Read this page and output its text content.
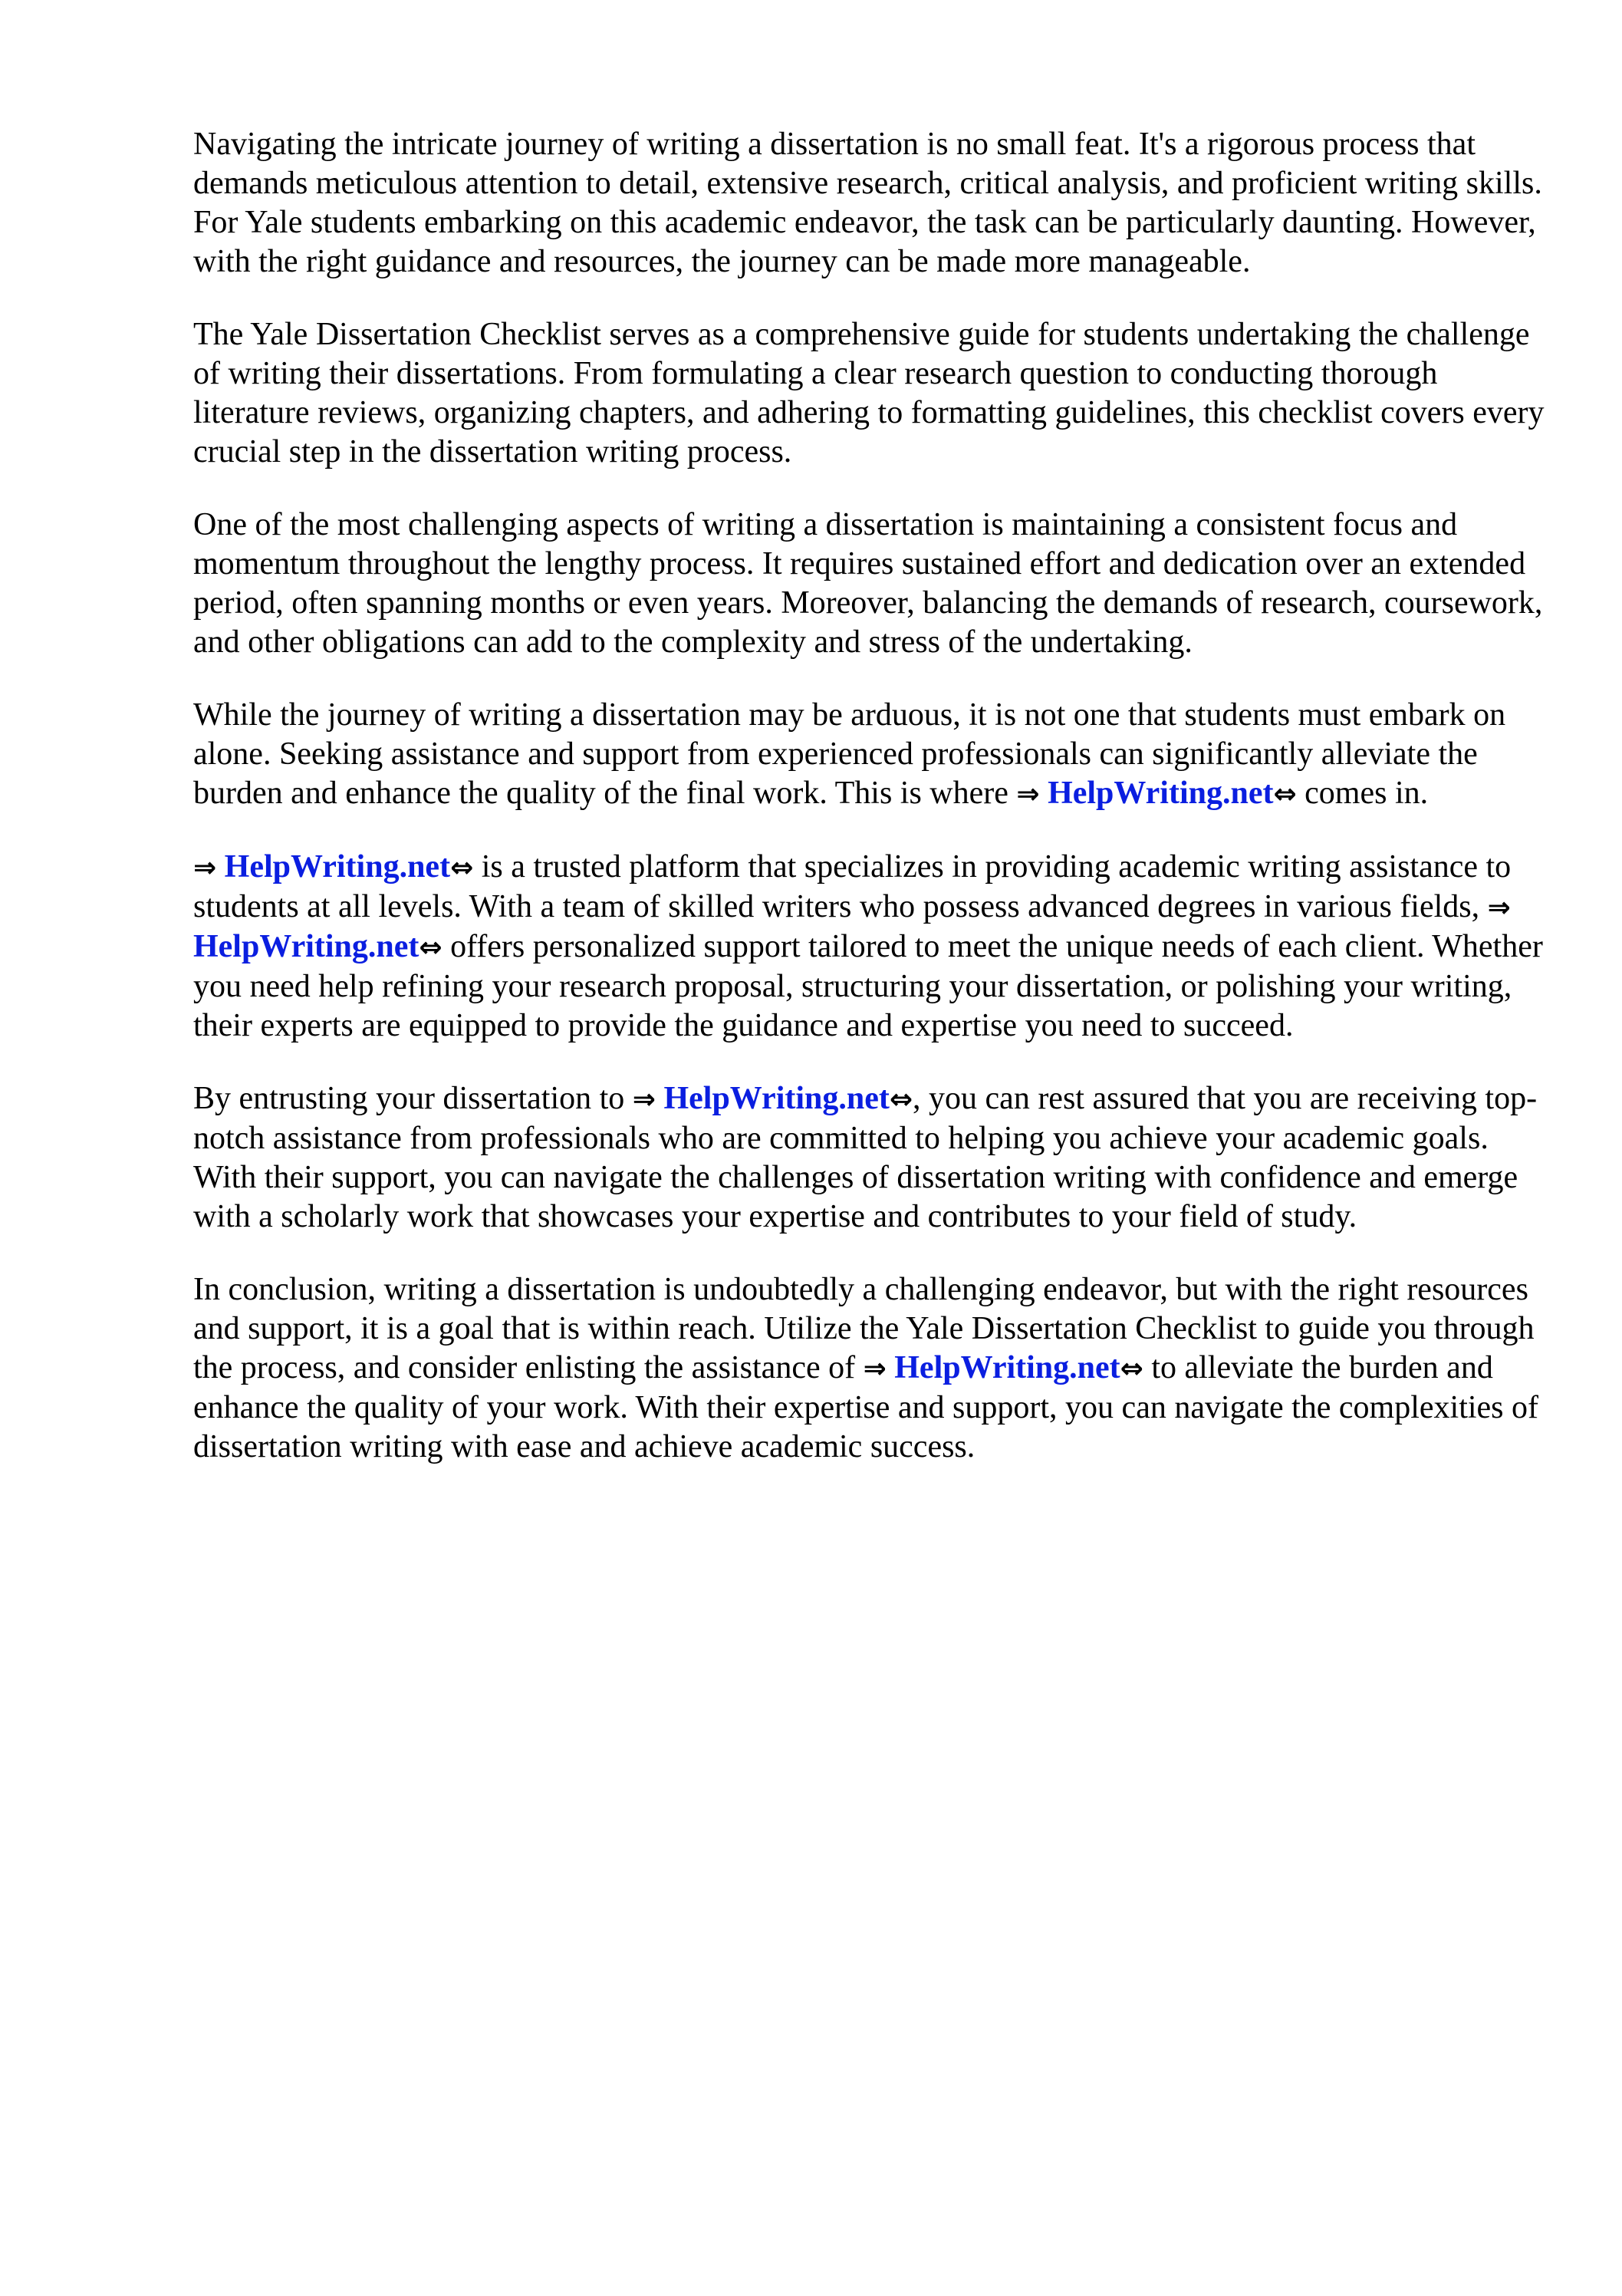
Navigating the intricate journey of writing a dissertation is no small feat. It's a rigorous process that demands meticulous attention to detail, extensive research, critical analysis, and proficient writing skills. For Yale students embarking on this academic endeavor, the task can be particularly daunting. However, with the right guidance and resources, the journey can be made more manageable.

The Yale Dissertation Checklist serves as a comprehensive guide for students undertaking the challenge of writing their dissertations. From formulating a clear research question to conducting thorough literature reviews, organizing chapters, and adhering to formatting guidelines, this checklist covers every crucial step in the dissertation writing process.

One of the most challenging aspects of writing a dissertation is maintaining a consistent focus and momentum throughout the lengthy process. It requires sustained effort and dedication over an extended period, often spanning months or even years. Moreover, balancing the demands of research, coursework, and other obligations can add to the complexity and stress of the undertaking.

While the journey of writing a dissertation may be arduous, it is not one that students must embark on alone. Seeking assistance and support from experienced professionals can significantly alleviate the burden and enhance the quality of the final work. This is where ⇒ HelpWriting.net⇔ comes in.

⇒ HelpWriting.net⇔ is a trusted platform that specializes in providing academic writing assistance to students at all levels. With a team of skilled writers who possess advanced degrees in various fields, ⇒ HelpWriting.net⇔ offers personalized support tailored to meet the unique needs of each client. Whether you need help refining your research proposal, structuring your dissertation, or polishing your writing, their experts are equipped to provide the guidance and expertise you need to succeed.

By entrusting your dissertation to ⇒ HelpWriting.net⇔, you can rest assured that you are receiving top-notch assistance from professionals who are committed to helping you achieve your academic goals. With their support, you can navigate the challenges of dissertation writing with confidence and emerge with a scholarly work that showcases your expertise and contributes to your field of study.

In conclusion, writing a dissertation is undoubtedly a challenging endeavor, but with the right resources and support, it is a goal that is within reach. Utilize the Yale Dissertation Checklist to guide you through the process, and consider enlisting the assistance of ⇒ HelpWriting.net⇔ to alleviate the burden and enhance the quality of your work. With their expertise and support, you can navigate the complexities of dissertation writing with ease and achieve academic success.
